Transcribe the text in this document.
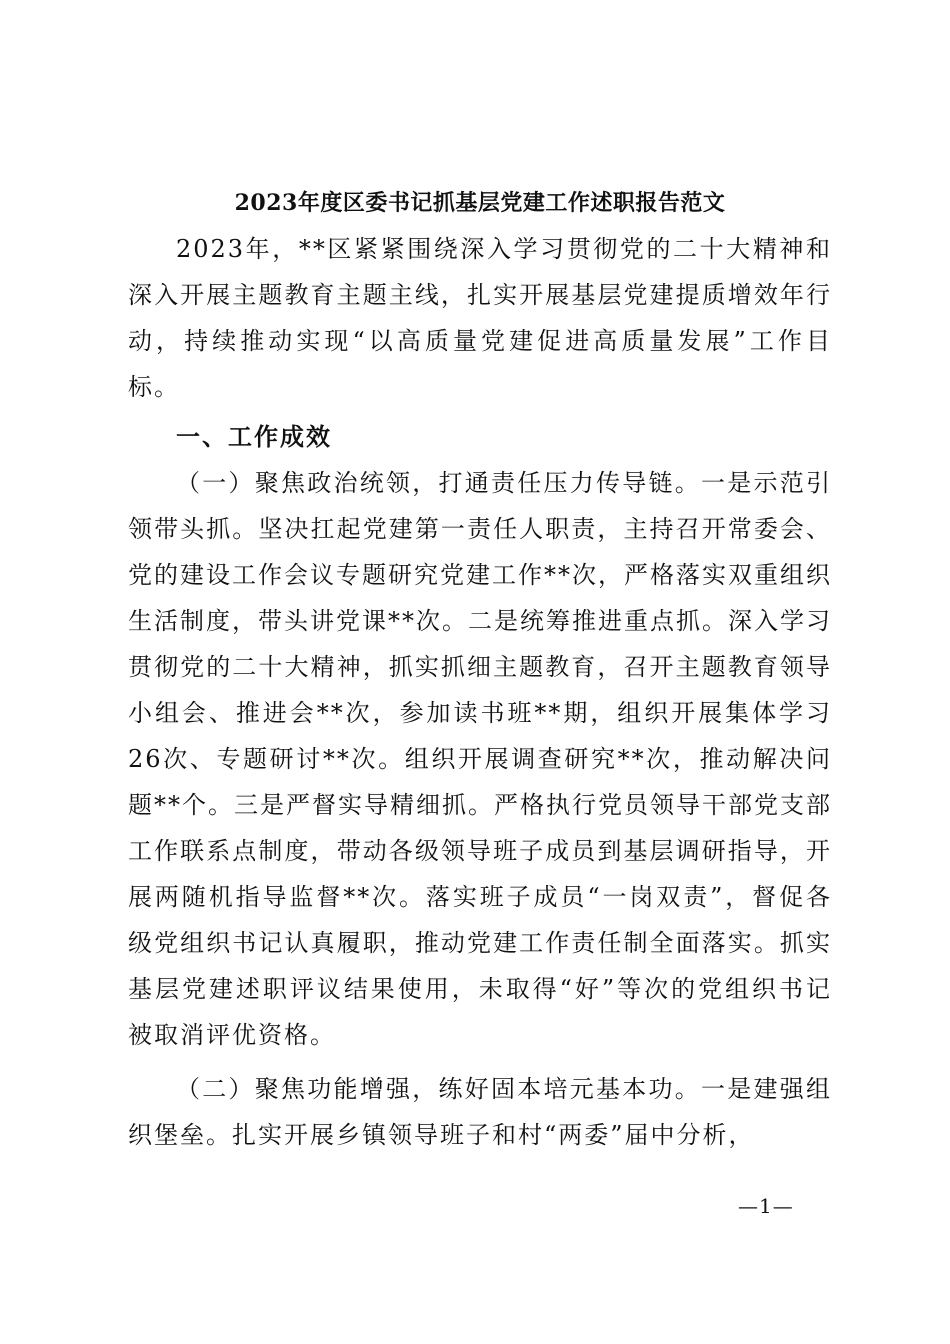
2023年度区委书记抓基层党建工作述职报告范文

2023年，**区紧紧围绕深入学习贯彻党的二十大精神和深入开展主题教育主题主线，扎实开展基层党建提质增效年行动，持续推动实现“以高质量党建促进高质量发展”工作目标。

一、工作成效

（一）聚焦政治统领，打通责任压力传导链。一是示范引领带头抓。坚决扛起党建第一责任人职责，主持召开常委会、党的建设工作会议专题研究党建工作**次，严格落实双重组织生活制度，带头讲党课**次。二是统筹推进重点抓。深入学习贯彻党的二十大精神，抓实抓细主题教育，召开主题教育领导小组会、推进会**次，参加读书班**期，组织开展集体学习26次、专题研讨**次。组织开展调查研究**次，推动解决问题**个。三是严督实导精细抓。严格执行党员领导干部党支部工作联系点制度，带动各级领导班子成员到基层调研指导，开展两随机指导监督**次。落实班子成员“一岗双责”，督促各级党组织书记认真履职，推动党建工作责任制全面落实。抓实基层党建述职评议结果使用，未取得“好”等次的党组织书记被取消评优资格。

（二）聚焦功能增强，练好固本培元基本功。一是建强组织堡垒。扎实开展乡镇领导班子和村“两委”届中分析，

—1—
